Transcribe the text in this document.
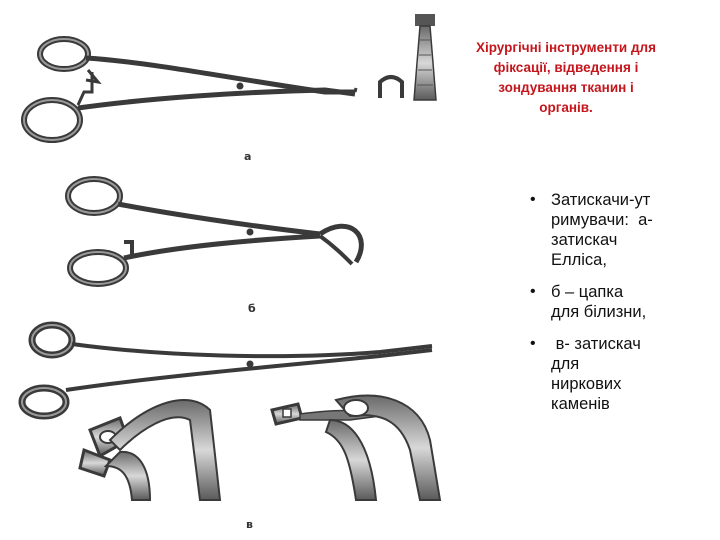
а
б
в
Хірургічні інструменти для
фіксації, відведення і
зондування тканин і
органів.
• Затискачи-ут
римувачи:  а-
затискач
Елліса,
• б – цапка
для білизни,
• в- затискач
для
ниркових
каменів
